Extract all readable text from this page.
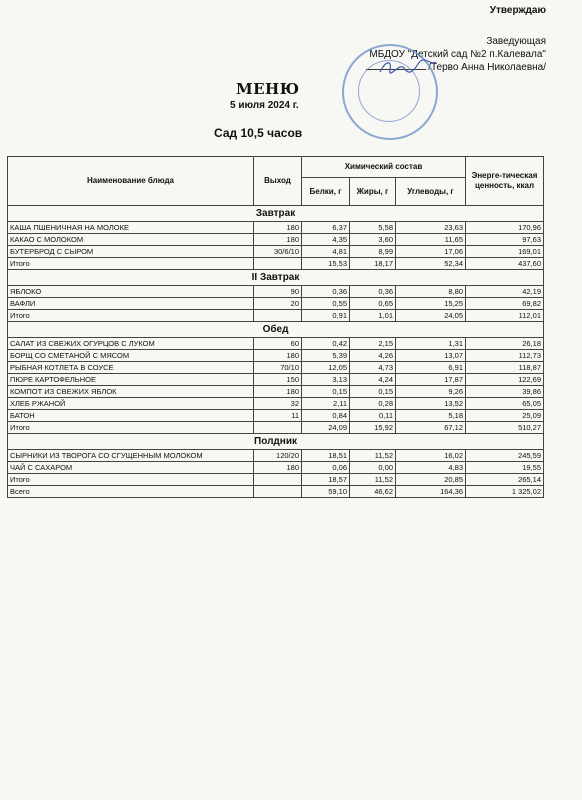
Утверждаю
Заведующая
МБДОУ "Детский сад №2 п.Калевала"
/Терво Анна Николаевна/
МЕНЮ
5 июля 2024 г.
Сад 10,5 часов
Наименование блюда	Выход	Химический состав			Энерге-тическая ценность, ккал
		Белки, г	Жиры, г	Углеводы, г	
Завтрак					
КАША ПШЕНИЧНАЯ НА МОЛОКЕ	180	6,37	5,58	23,63	170,96
КАКАО С МОЛОКОМ	180	4,35	3,60	11,65	97,63
БУТЕРБРОД С СЫРОМ	30/6/10	4,81	8,99	17,06	169,01
Итого		15,53	18,17	52,34	437,60
II Завтрак					
ЯБЛОКО	90	0,36	0,36	8,80	42,19
ВАФЛИ	20	0,55	0,65	15,25	69,82
Итого		0,91	1,01	24,05	112,01
Обед					
САЛАТ ИЗ СВЕЖИХ ОГУРЦОВ С ЛУКОМ	60	0,42	2,15	1,31	26,18
БОРЩ СО СМЕТАНОЙ С МЯСОМ	180	5,39	4,26	13,07	112,73
РЫБНАЯ КОТЛЕТА В СОУСЕ	70/10	12,05	4,73	6,91	118,87
ПЮРЕ КАРТОФЕЛЬНОЕ	150	3,13	4,24	17,87	122,69
КОМПОТ ИЗ СВЕЖИХ ЯБЛОК	180	0,15	0,15	9,26	39,86
ХЛЕБ РЖАНОЙ	32	2,11	0,28	13,52	65,05
БАТОН	11	0,84	0,11	5,18	25,09
Итого		24,09	15,92	67,12	510,27
Полдник					
СЫРНИКИ ИЗ ТВОРОГА СО СГУЩЕННЫМ МОЛОКОМ	120/20	18,51	11,52	16,02	245,59
ЧАЙ С САХАРОМ	180	0,06	0,00	4,83	19,55
Итого		18,57	11,52	20,85	265,14
Всего		59,10	46,62	164,36	1 325,02
